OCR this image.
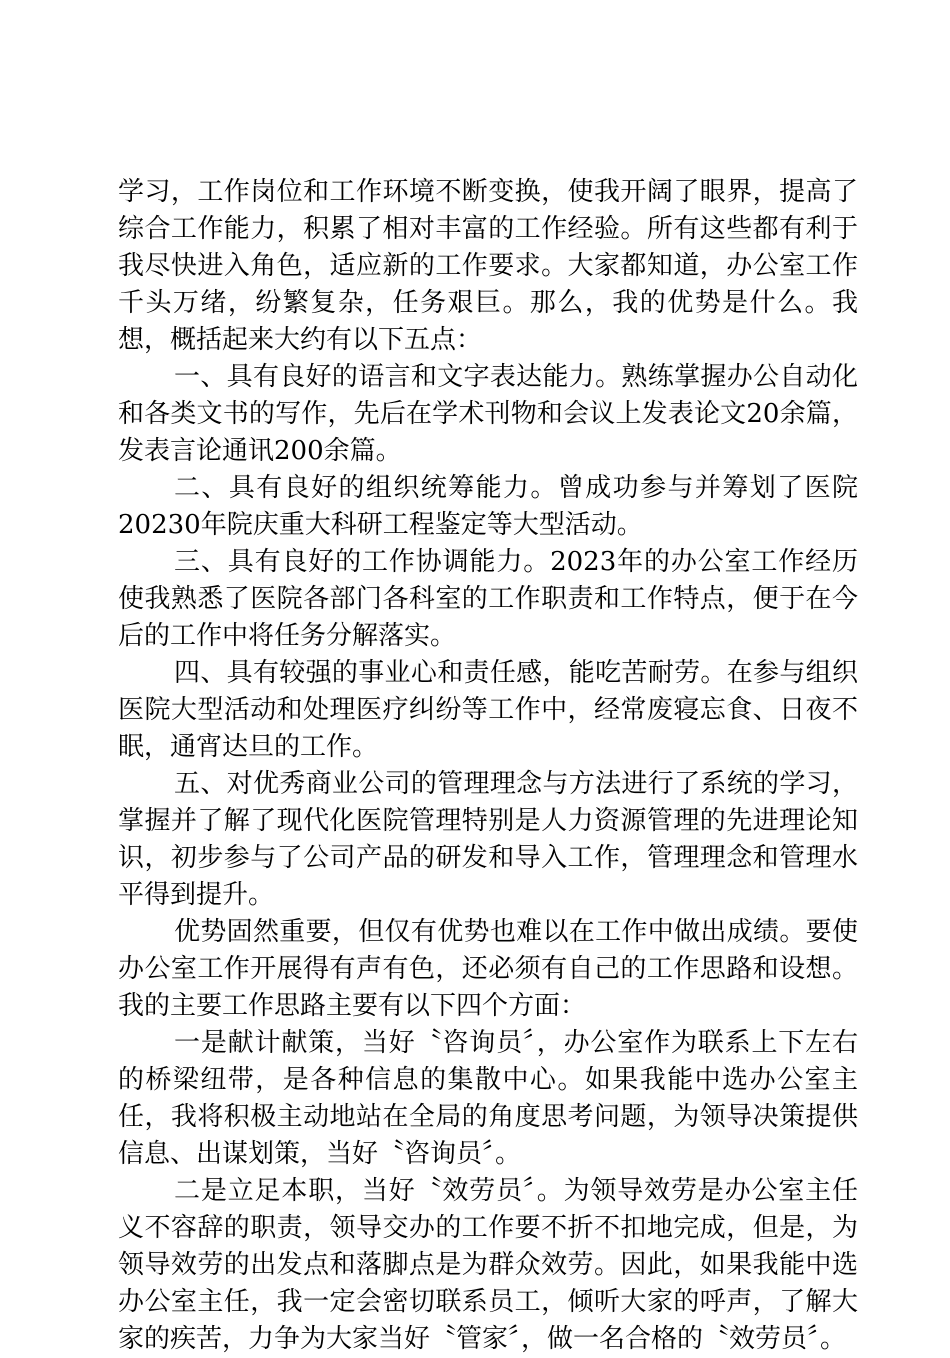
学习，工作岗位和工作环境不断变换，使我开阔了眼界，提高了综合工作能力，积累了相对丰富的工作经验。所有这些都有利于我尽快进入角色，适应新的工作要求。大家都知道，办公室工作千头万绪，纷繁复杂，任务艰巨。那么，我的优势是什么。我想，概括起来大约有以下五点：

一、具有良好的语言和文字表达能力。熟练掌握办公自动化和各类文书的写作，先后在学术刊物和会议上发表论文20余篇，发表言论通讯200余篇。

二、具有良好的组织统筹能力。曾成功参与并筹划了医院20230年院庆重大科研工程鉴定等大型活动。

三、具有良好的工作协调能力。2023年的办公室工作经历使我熟悉了医院各部门各科室的工作职责和工作特点，便于在今后的工作中将任务分解落实。

四、具有较强的事业心和责任感，能吃苦耐劳。在参与组织医院大型活动和处理医疗纠纷等工作中，经常废寝忘食、日夜不眠，通宵达旦的工作。

五、对优秀商业公司的管理理念与方法进行了系统的学习，掌握并了解了现代化医院管理特别是人力资源管理的先进理论知识，初步参与了公司产品的研发和导入工作，管理理念和管理水平得到提升。

优势固然重要，但仅有优势也难以在工作中做出成绩。要使办公室工作开展得有声有色，还必须有自己的工作思路和设想。我的主要工作思路主要有以下四个方面：

一是献计献策，当好〝咨询员〞，办公室作为联系上下左右的桥梁纽带，是各种信息的集散中心。如果我能中选办公室主任，我将积极主动地站在全局的角度思考问题，为领导决策提供信息、出谋划策，当好〝咨询员〞。

二是立足本职，当好〝效劳员〞。为领导效劳是办公室主任义不容辞的职责，领导交办的工作要不折不扣地完成，但是，为领导效劳的出发点和落脚点是为群众效劳。因此，如果我能中选办公室主任，我一定会密切联系员工，倾听大家的呼声，了解大家的疾苦，力争为大家当好〝管家〞，做一名合格的〝效劳员〞。
